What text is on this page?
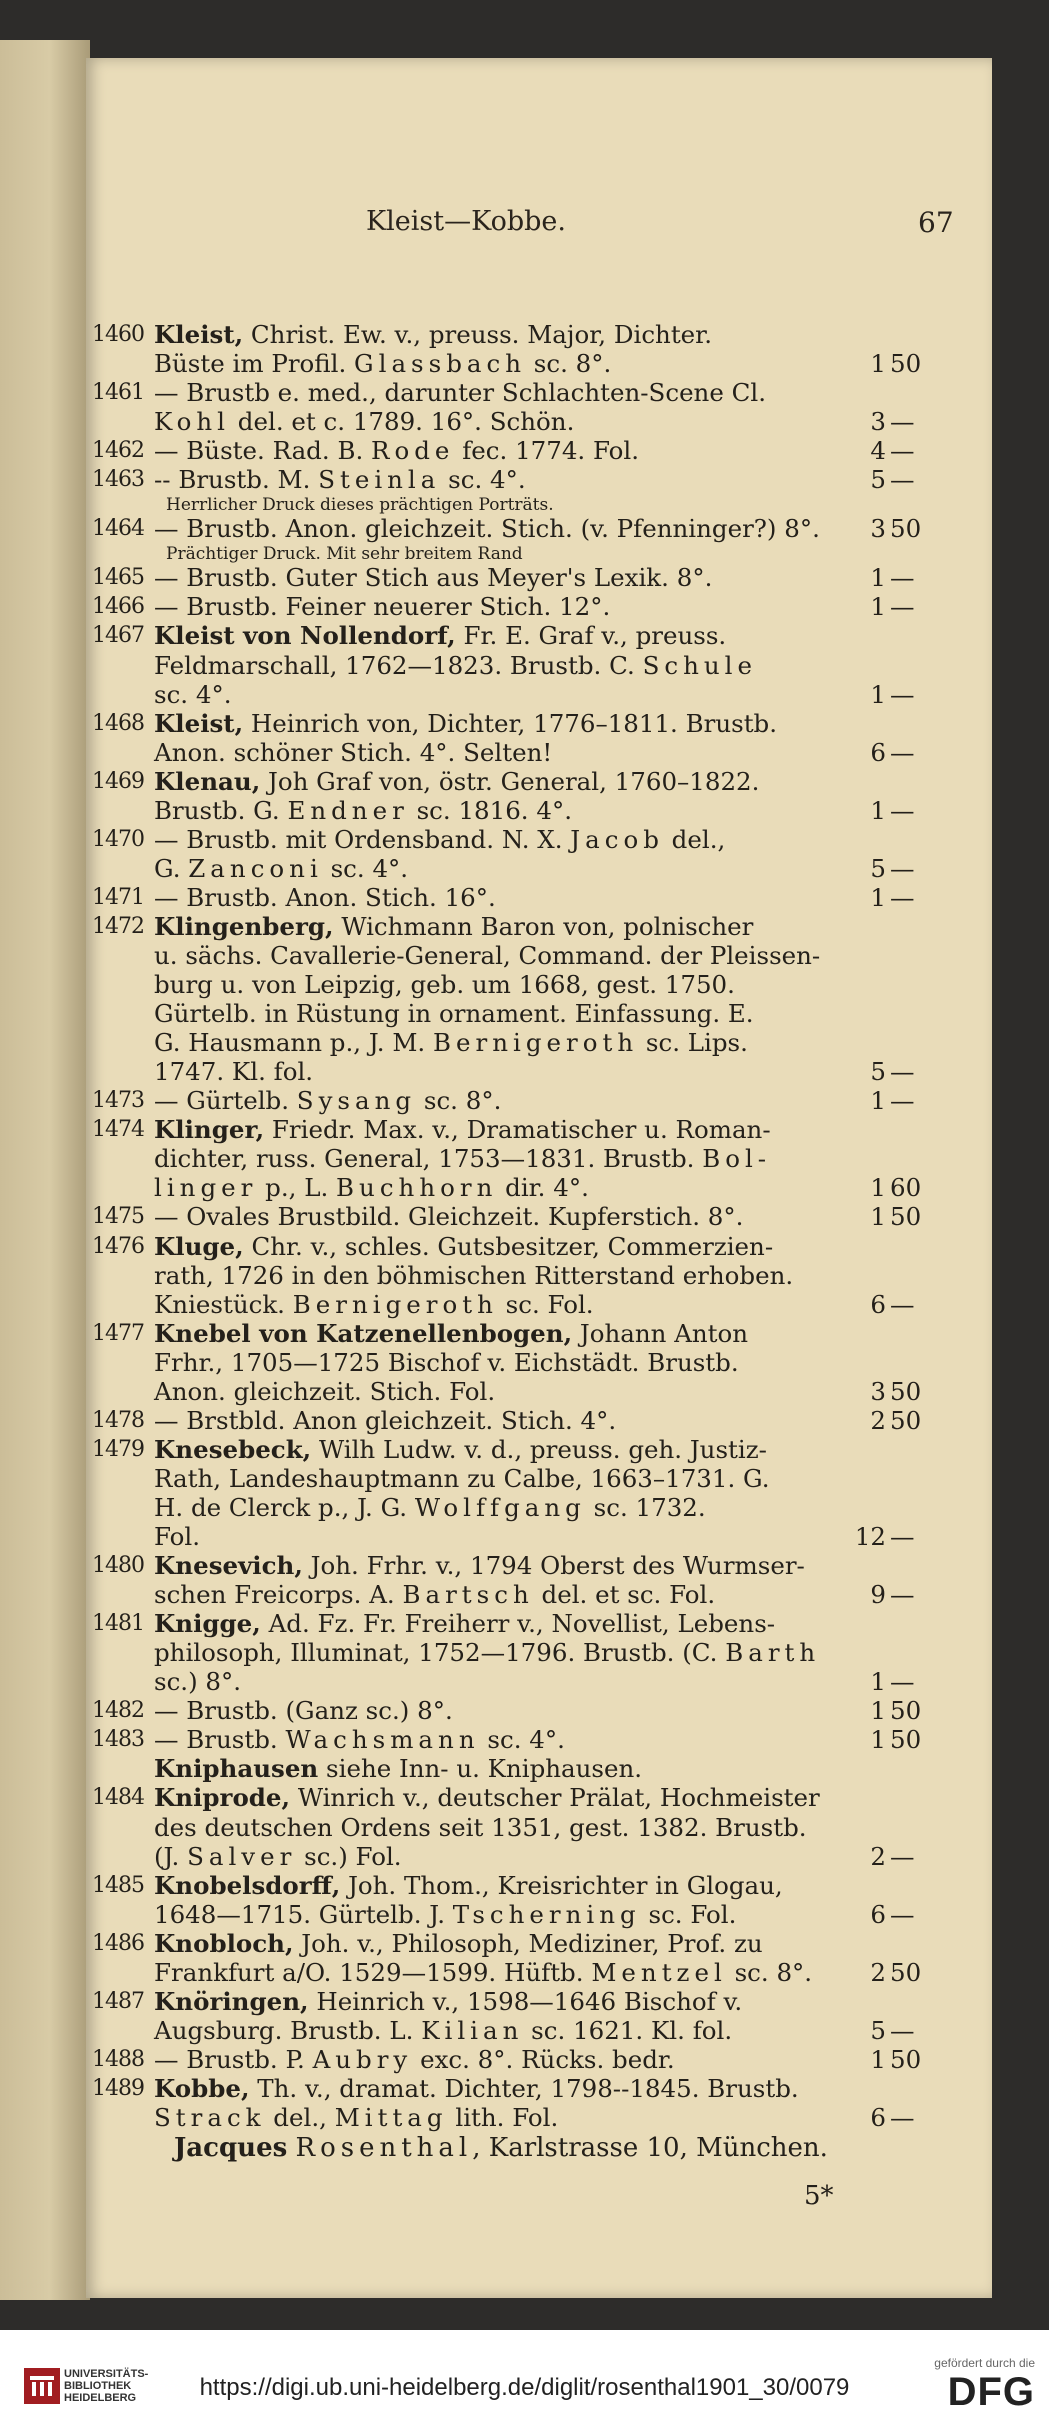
Kleist—Kobbe.	67
1460 Kleist, Christ. Ew. v., preuss. Major, Dichter.
Büste im Profil. Glassbach sc. 8°.	1 50
1461 — Brustb e. med., darunter Schlachten-Scene Cl.
Kohl del. et c. 1789. 16°. Schön.	3 —
1462 — Büste. Rad. B. Rode fec. 1774. Fol.	4 —
1463 -- Brustb. M. Steinla sc. 4°.	5 —
Herrlicher Druck dieses prächtigen Porträts.
1464 — Brustb. Anon. gleichzeit. Stich. (v. Pfenninger?) 8°.	3 50
Prächtiger Druck. Mit sehr breitem Rand
1465 — Brustb. Guter Stich aus Meyer's Lexik. 8°.	1 —
1466 — Brustb. Feiner neuerer Stich. 12°.	1 —
1467 Kleist von Nollendorf, Fr. E. Graf v., preuss.
Feldmarschall, 1762—1823. Brustb. C. Schule
sc. 4°.	1 —
1468 Kleist, Heinrich von, Dichter, 1776–1811. Brustb.
Anon. schöner Stich. 4°. Selten!	6 —
1469 Klenau, Joh Graf von, östr. General, 1760–1822.
Brustb. G. Endner sc. 1816. 4°.	1 —
1470 — Brustb. mit Ordensband. N. X. Jacob del.,
G. Zanconi sc. 4°.	5 —
1471 — Brustb. Anon. Stich. 16°.	1 —
1472 Klingenberg, Wichmann Baron von, polnischer
u. sächs. Cavallerie-General, Command. der Pleissen-
burg u. von Leipzig, geb. um 1668, gest. 1750.
Gürtelb. in Rüstung in ornament. Einfassung. E.
G. Hausmann p., J. M. Bernigeroth sc. Lips.
1747. Kl. fol.	5 —
1473 — Gürtelb. Sysang sc. 8°.	1 —
1474 Klinger, Friedr. Max. v., Dramatischer u. Roman-
dichter, russ. General, 1753—1831. Brustb. Bol-
linger p., L. Buchhorn dir. 4°.	1 60
1475 — Ovales Brustbild. Gleichzeit. Kupferstich. 8°.	1 50
1476 Kluge, Chr. v., schles. Gutsbesitzer, Commerzien-
rath, 1726 in den böhmischen Ritterstand erhoben.
Kniestück. Bernigeroth sc. Fol.	6 —
1477 Knebel von Katzenellenbogen, Johann Anton
Frhr., 1705—1725 Bischof v. Eichstädt. Brustb.
Anon. gleichzeit. Stich. Fol.	3 50
1478 — Brstbld. Anon gleichzeit. Stich. 4°.	2 50
1479 Knesebeck, Wilh Ludw. v. d., preuss. geh. Justiz-
Rath, Landeshauptmann zu Calbe, 1663–1731. G.
H. de Clerck p., J. G. Wolffgang sc. 1732.
Fol.	12 —
1480 Knesevich, Joh. Frhr. v., 1794 Oberst des Wurmser-
schen Freicorps. A. Bartsch del. et sc. Fol.	9 —
1481 Knigge, Ad. Fz. Fr. Freiherr v., Novellist, Lebens-
philosoph, Illuminat, 1752—1796. Brustb. (C. Barth
sc.) 8°.	1 —
1482 — Brustb. (Ganz sc.) 8°.	1 50
1483 — Brustb. Wachsmann sc. 4°.	1 50
Kniphausen siehe Inn- u. Kniphausen.
1484 Kniprode, Winrich v., deutscher Prälat, Hochmeister
des deutschen Ordens seit 1351, gest. 1382. Brustb.
(J. Salver sc.) Fol.	2 —
1485 Knobelsdorff, Joh. Thom., Kreisrichter in Glogau,
1648—1715. Gürtelb. J. Tscherning sc. Fol.	6 —
1486 Knobloch, Joh. v., Philosoph, Mediziner, Prof. zu
Frankfurt a/O. 1529—1599. Hüftb. Mentzel sc. 8°.	2 50
1487 Knöringen, Heinrich v., 1598—1646 Bischof v.
Augsburg. Brustb. L. Kilian sc. 1621. Kl. fol.	5 —
1488 — Brustb. P. Aubry exc. 8°. Rücks. bedr.	1 50
1489 Kobbe, Th. v., dramat. Dichter, 1798--1845. Brustb.
Strack del., Mittag lith. Fol.	6 —
Jacques Rosenthal, Karlstrasse 10, München.
5*
UNIVERSITÄTS-
BIBLIOTHEK
HEIDELBERG	https://digi.ub.uni-heidelberg.de/diglit/rosenthal1901_30/0079
gefördert durch die
DFG
